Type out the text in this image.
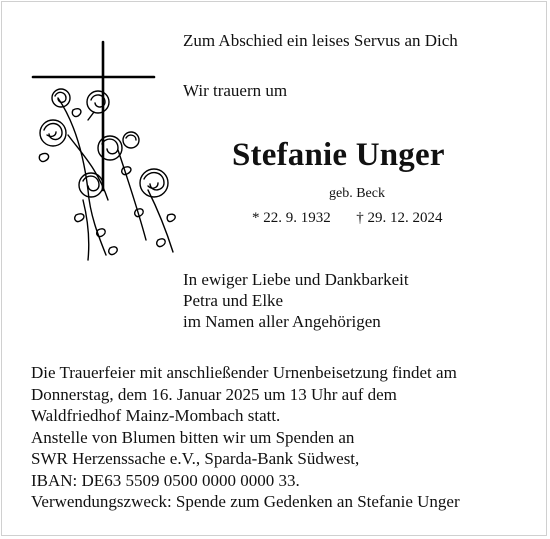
Zum Abschied ein leises Servus an Dich
Wir trauern um
Stefanie Unger
geb. Beck
* 22. 9. 1932 † 29. 12. 2024
In ewiger Liebe und Dankbarkeit
Petra und Elke
im Namen aller Angehörigen
Die Trauerfeier mit anschließender Urnenbeisetzung findet am
Donnerstag, dem 16. Januar 2025 um 13 Uhr auf dem
Waldfriedhof Mainz-Mombach statt.
Anstelle von Blumen bitten wir um Spenden an
SWR Herzenssache e.V., Sparda-Bank Südwest,
IBAN: DE63 5509 0500 0000 0000 33.
Verwendungszweck: Spende zum Gedenken an Stefanie Unger
